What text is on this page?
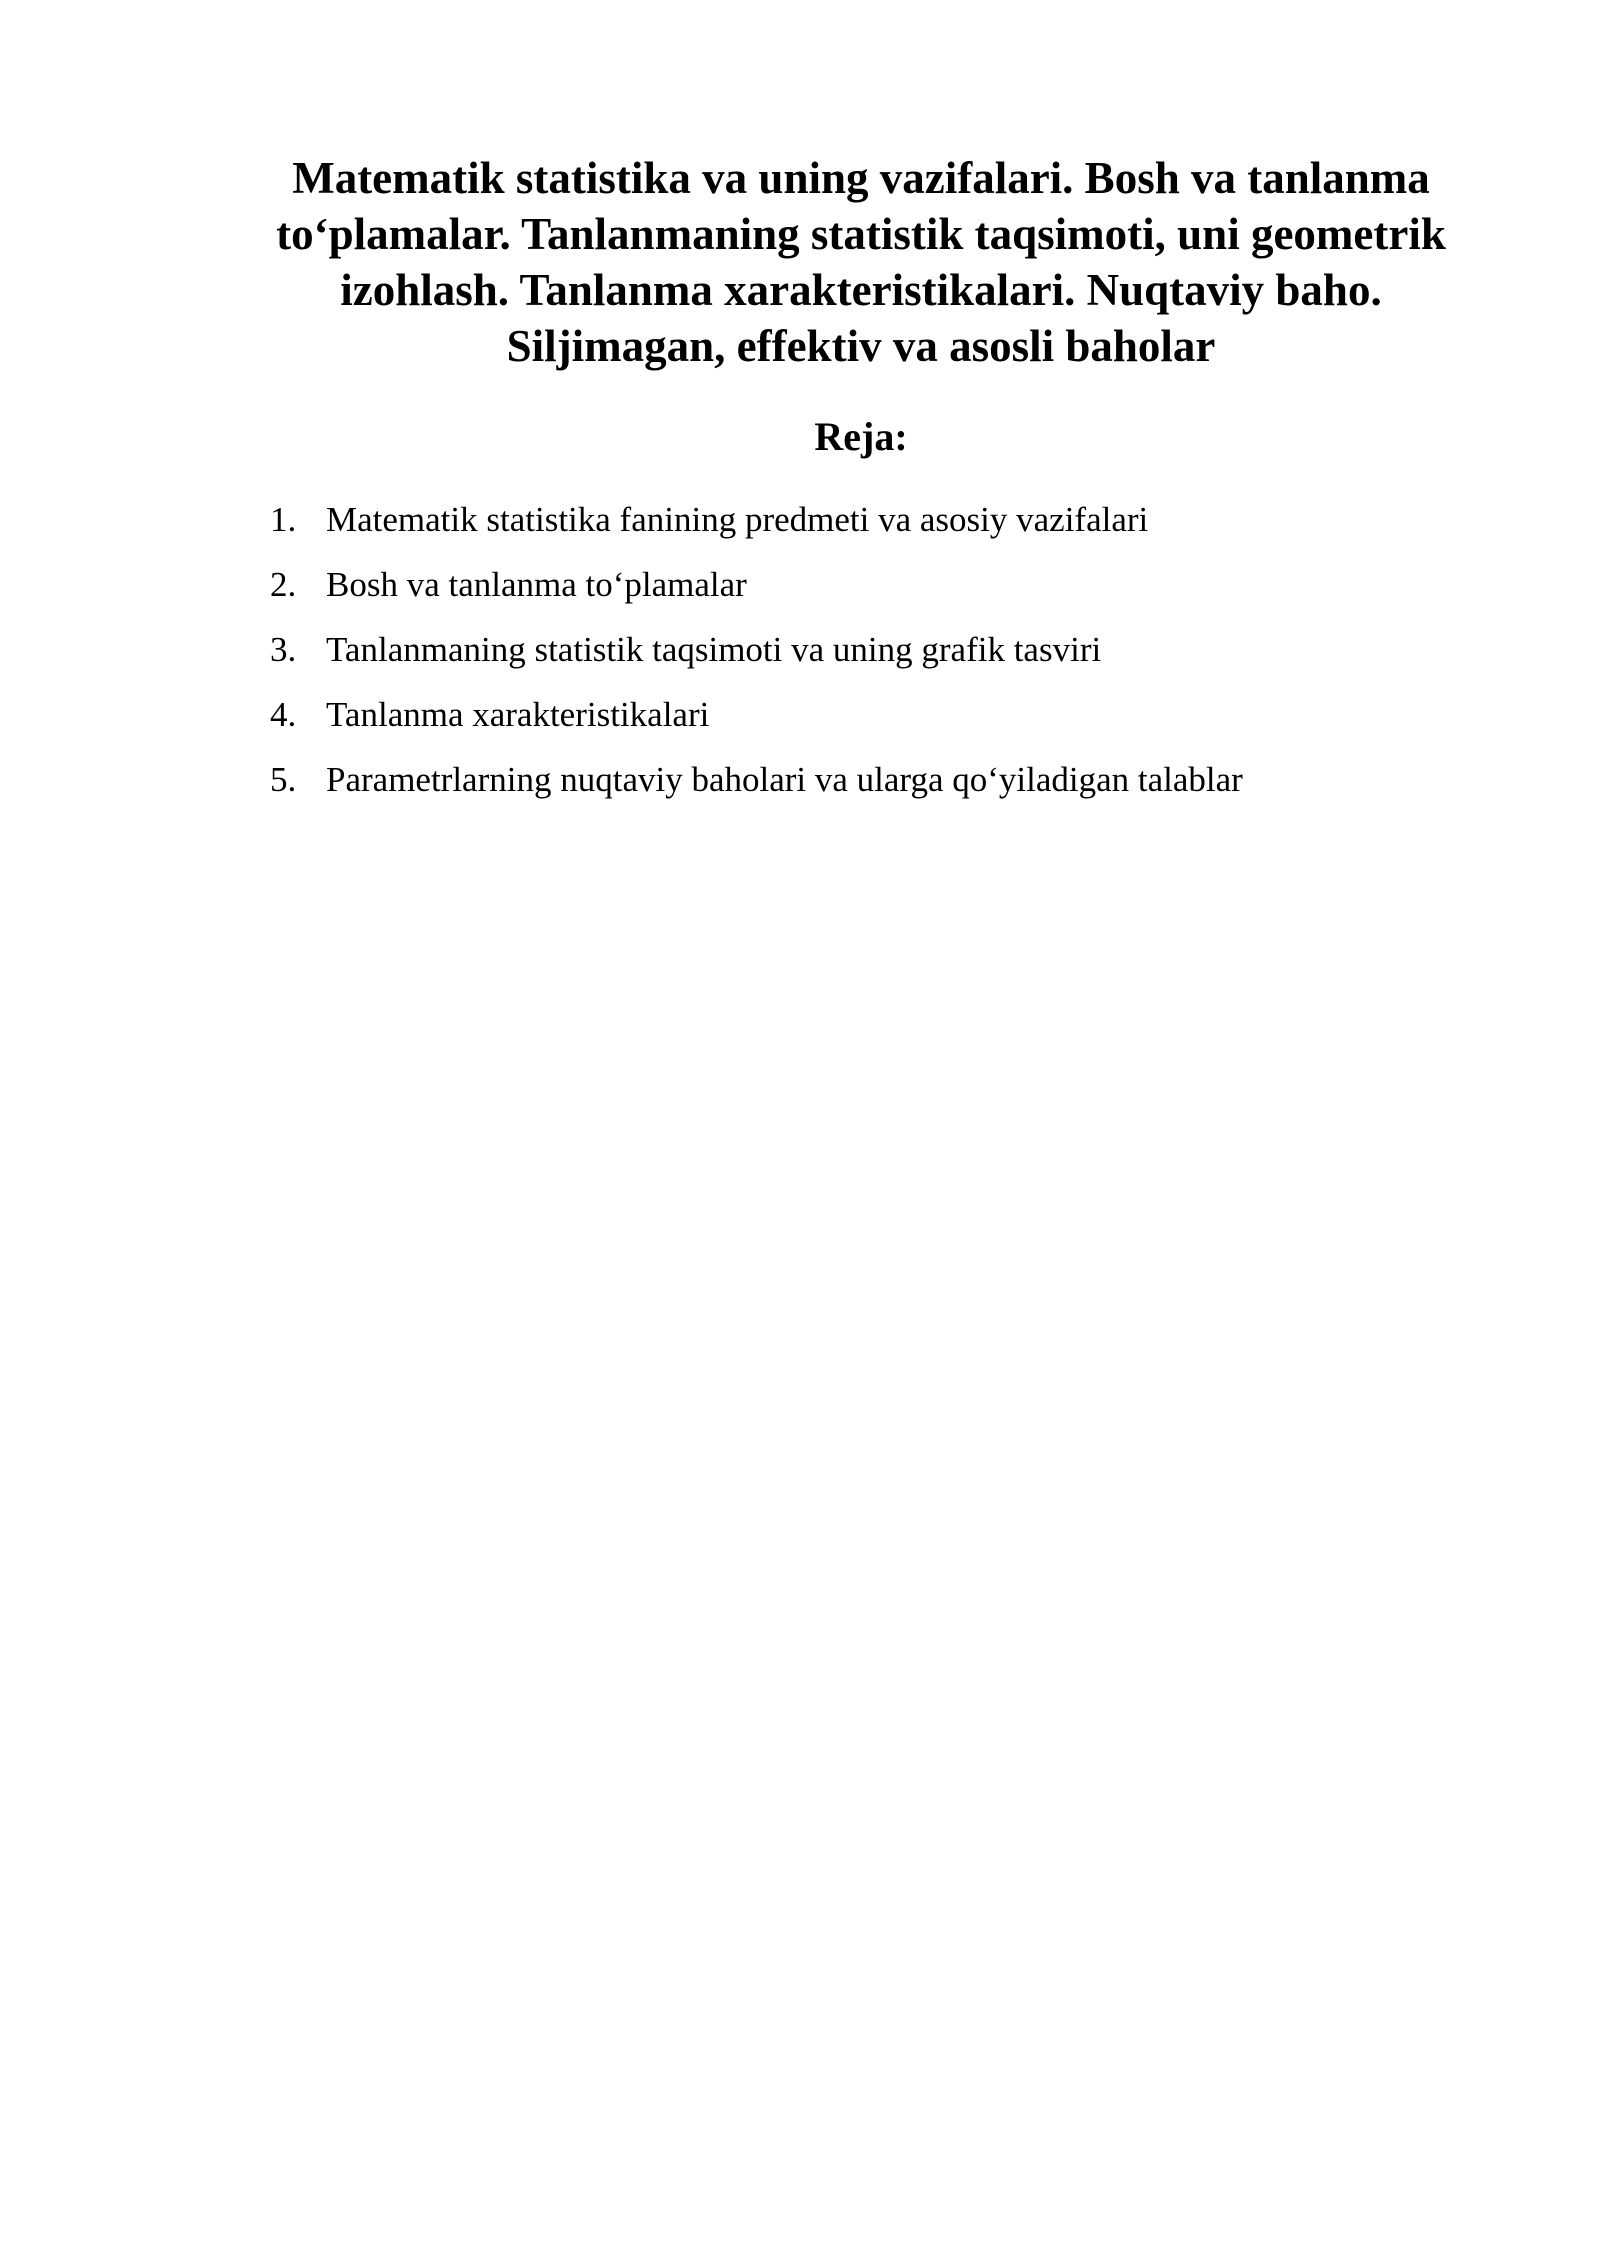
Matematik statistika va uning vazifalari. Bosh va tanlanma to‘plamalar. Tanlanmaning statistik taqsimoti, uni geometrik izohlash. Tanlanma xarakteristikalari. Nuqtaviy baho. Siljimagan, effektiv va asosli baholar
Reja:
1. Matematik statistika fanining predmeti va asosiy vazifalari
2. Bosh va tanlanma to‘plamalar
3. Tanlanmaning statistik taqsimoti va uning grafik tasviri
4. Tanlanma xarakteristikalari
5. Parametrlarning nuqtaviy baholari va ularga qo‘yiladigan talablar
